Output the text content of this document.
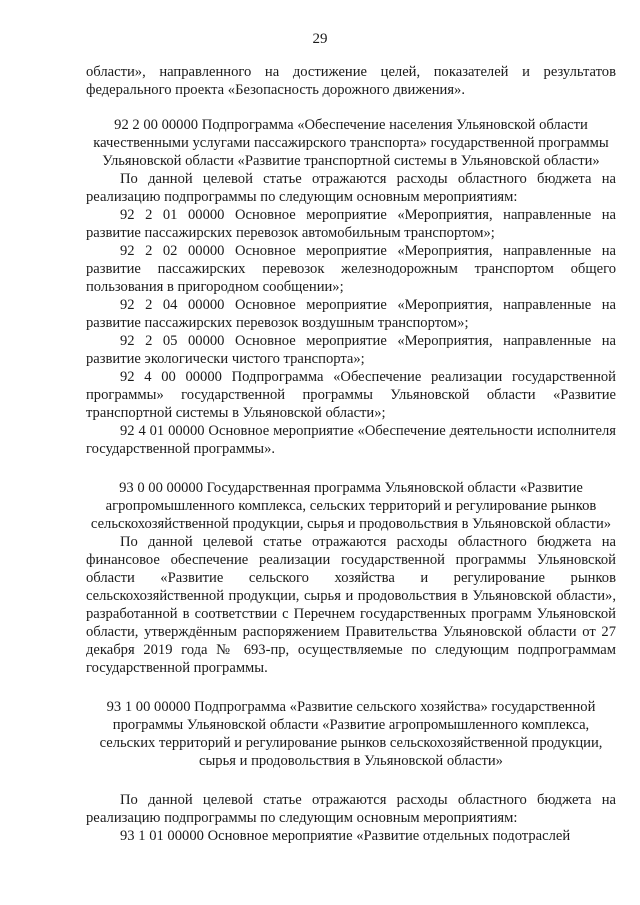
29

области», направленного на достижение целей, показателей и результатов федерального проекта «Безопасность дорожного движения».

92 2 00 00000 Подпрограмма «Обеспечение населения Ульяновской области качественными услугами пассажирского транспорта» государственной программы Ульяновской области «Развитие транспортной системы в Ульяновской области»

По данной целевой статье отражаются расходы областного бюджета на реализацию подпрограммы по следующим основным мероприятиям:

92 2 01 00000 Основное мероприятие «Мероприятия, направленные на развитие пассажирских перевозок автомобильным транспортом»;

92 2 02 00000 Основное мероприятие «Мероприятия, направленные на развитие пассажирских перевозок железнодорожным транспортом общего пользования в пригородном сообщении»;

92 2 04 00000 Основное мероприятие «Мероприятия, направленные на развитие пассажирских перевозок воздушным транспортом»;

92 2 05 00000 Основное мероприятие «Мероприятия, направленные на развитие экологически чистого транспорта»;

92 4 00 00000 Подпрограмма «Обеспечение реализации государственной программы» государственной программы Ульяновской области «Развитие транспортной системы в Ульяновской области»;

92 4 01 00000 Основное мероприятие «Обеспечение деятельности исполнителя государственной программы».

93 0 00 00000 Государственная программа Ульяновской области «Развитие агропромышленного комплекса, сельских территорий и регулирование рынков сельскохозяйственной продукции, сырья и продовольствия в Ульяновской области»

По данной целевой статье отражаются расходы областного бюджета на финансовое обеспечение реализации государственной программы Ульяновской области «Развитие сельского хозяйства и регулирование рынков сельскохозяйственной продукции, сырья и продовольствия в Ульяновской области», разработанной в соответствии с Перечнем государственных программ Ульяновской области, утверждённым распоряжением Правительства Ульяновской области от 27 декабря 2019 года № 693-пр, осуществляемые по следующим подпрограммам государственной программы.

93 1 00 00000 Подпрограмма «Развитие сельского хозяйства» государственной программы Ульяновской области «Развитие агропромышленного комплекса, сельских территорий и регулирование рынков сельскохозяйственной продукции, сырья и продовольствия в Ульяновской области»

По данной целевой статье отражаются расходы областного бюджета на реализацию подпрограммы по следующим основным мероприятиям:

93 1 01 00000 Основное мероприятие «Развитие отдельных подотраслей
